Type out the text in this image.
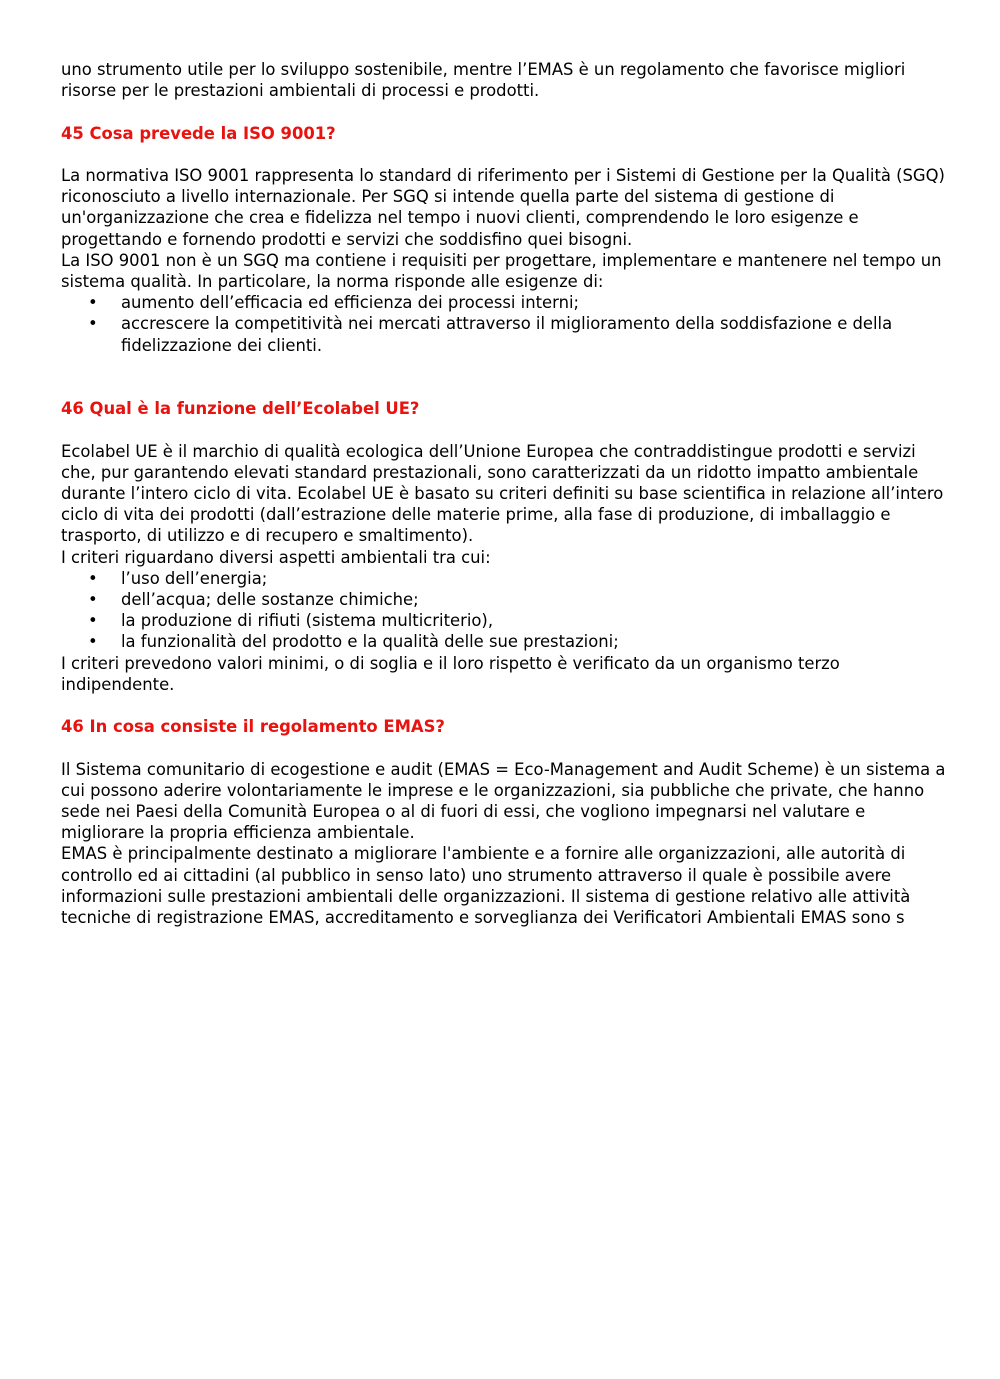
uno strumento utile per lo sviluppo sostenibile, mentre l’EMAS è un regolamento che favorisce migliori risorse per le prestazioni ambientali di processi e prodotti.

45 Cosa prevede la ISO 9001?

La normativa ISO 9001 rappresenta lo standard di riferimento per i Sistemi di Gestione per la Qualità (SGQ) riconosciuto a livello internazionale. Per SGQ si intende quella parte del sistema di gestione di un'organizzazione che crea e fidelizza nel tempo i nuovi clienti, comprendendo le loro esigenze e progettando e fornendo prodotti e servizi che soddisfino quei bisogni.

La ISO 9001 non è un SGQ ma contiene i requisiti per progettare, implementare e mantenere nel tempo un sistema qualità. In particolare, la norma risponde alle esigenze di:

• aumento dell’efficacia ed efficienza dei processi interni;
• accrescere la competitività nei mercati attraverso il miglioramento della soddisfazione e della fidelizzazione dei clienti.

46 Qual è la funzione dell’Ecolabel UE?

Ecolabel UE è il marchio di qualità ecologica dell’Unione Europea che contraddistingue prodotti e servizi che, pur garantendo elevati standard prestazionali, sono caratterizzati da un ridotto impatto ambientale durante l’intero ciclo di vita. Ecolabel UE è basato su criteri definiti su base scientifica in relazione all’intero ciclo di vita dei prodotti (dall’estrazione delle materie prime, alla fase di produzione, di imballaggio e trasporto, di utilizzo e di recupero e smaltimento).

I criteri riguardano diversi aspetti ambientali tra cui:

• l’uso dell’energia;
• dell’acqua; delle sostanze chimiche;
• la produzione di rifiuti (sistema multicriterio),
• la funzionalità del prodotto e la qualità delle sue prestazioni;

I criteri prevedono valori minimi, o di soglia e il loro rispetto è verificato da un organismo terzo indipendente.

46 In cosa consiste il regolamento EMAS?

Il Sistema comunitario di ecogestione e audit (EMAS = Eco-Management and Audit Scheme) è un sistema a cui possono aderire volontariamente le imprese e le organizzazioni, sia pubbliche che private, che hanno sede nei Paesi della Comunità Europea o al di fuori di essi, che vogliono impegnarsi nel valutare e migliorare la propria efficienza ambientale.

EMAS è principalmente destinato a migliorare l'ambiente e a fornire alle organizzazioni, alle autorità di controllo ed ai cittadini (al pubblico in senso lato) uno strumento attraverso il quale è possibile avere informazioni sulle prestazioni ambientali delle organizzazioni. Il sistema di gestione relativo alle attività tecniche di registrazione EMAS, accreditamento e sorveglianza dei Verificatori Ambientali EMAS sono s
